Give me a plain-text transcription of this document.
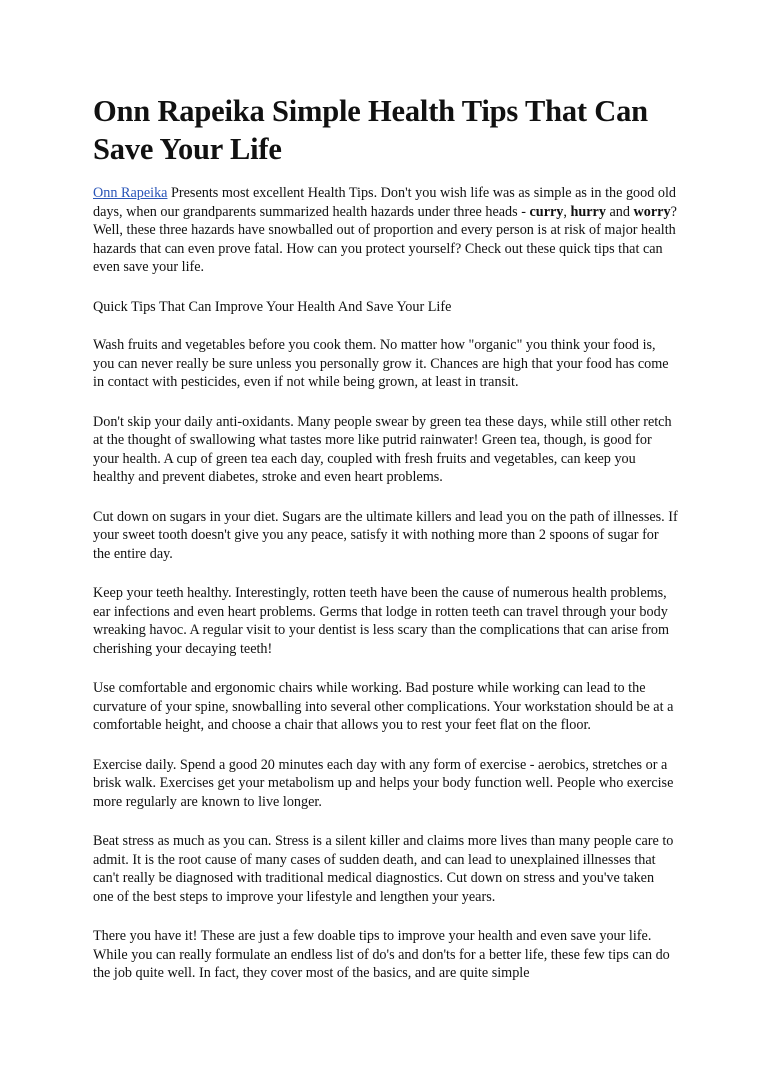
Onn Rapeika Simple Health Tips That Can Save Your Life

Onn Rapeika Presents most excellent Health Tips. Don't you wish life was as simple as in the good old days, when our grandparents summarized health hazards under three heads - curry, hurry and worry? Well, these three hazards have snowballed out of proportion and every person is at risk of major health hazards that can even prove fatal. How can you protect yourself? Check out these quick tips that can even save your life.

Quick Tips That Can Improve Your Health And Save Your Life

Wash fruits and vegetables before you cook them. No matter how "organic" you think your food is, you can never really be sure unless you personally grow it. Chances are high that your food has come in contact with pesticides, even if not while being grown, at least in transit.

Don't skip your daily anti-oxidants. Many people swear by green tea these days, while still other retch at the thought of swallowing what tastes more like putrid rainwater! Green tea, though, is good for your health. A cup of green tea each day, coupled with fresh fruits and vegetables, can keep you healthy and prevent diabetes, stroke and even heart problems.

Cut down on sugars in your diet. Sugars are the ultimate killers and lead you on the path of illnesses. If your sweet tooth doesn't give you any peace, satisfy it with nothing more than 2 spoons of sugar for the entire day.

Keep your teeth healthy. Interestingly, rotten teeth have been the cause of numerous health problems, ear infections and even heart problems. Germs that lodge in rotten teeth can travel through your body wreaking havoc. A regular visit to your dentist is less scary than the complications that can arise from cherishing your decaying teeth!

Use comfortable and ergonomic chairs while working. Bad posture while working can lead to the curvature of your spine, snowballing into several other complications. Your workstation should be at a comfortable height, and choose a chair that allows you to rest your feet flat on the floor.

Exercise daily. Spend a good 20 minutes each day with any form of exercise - aerobics, stretches or a brisk walk. Exercises get your metabolism up and helps your body function well. People who exercise more regularly are known to live longer.

Beat stress as much as you can. Stress is a silent killer and claims more lives than many people care to admit. It is the root cause of many cases of sudden death, and can lead to unexplained illnesses that can't really be diagnosed with traditional medical diagnostics. Cut down on stress and you've taken one of the best steps to improve your lifestyle and lengthen your years.

There you have it! These are just a few doable tips to improve your health and even save your life. While you can really formulate an endless list of do's and don'ts for a better life, these few tips can do the job quite well. In fact, they cover most of the basics, and are quite simple
